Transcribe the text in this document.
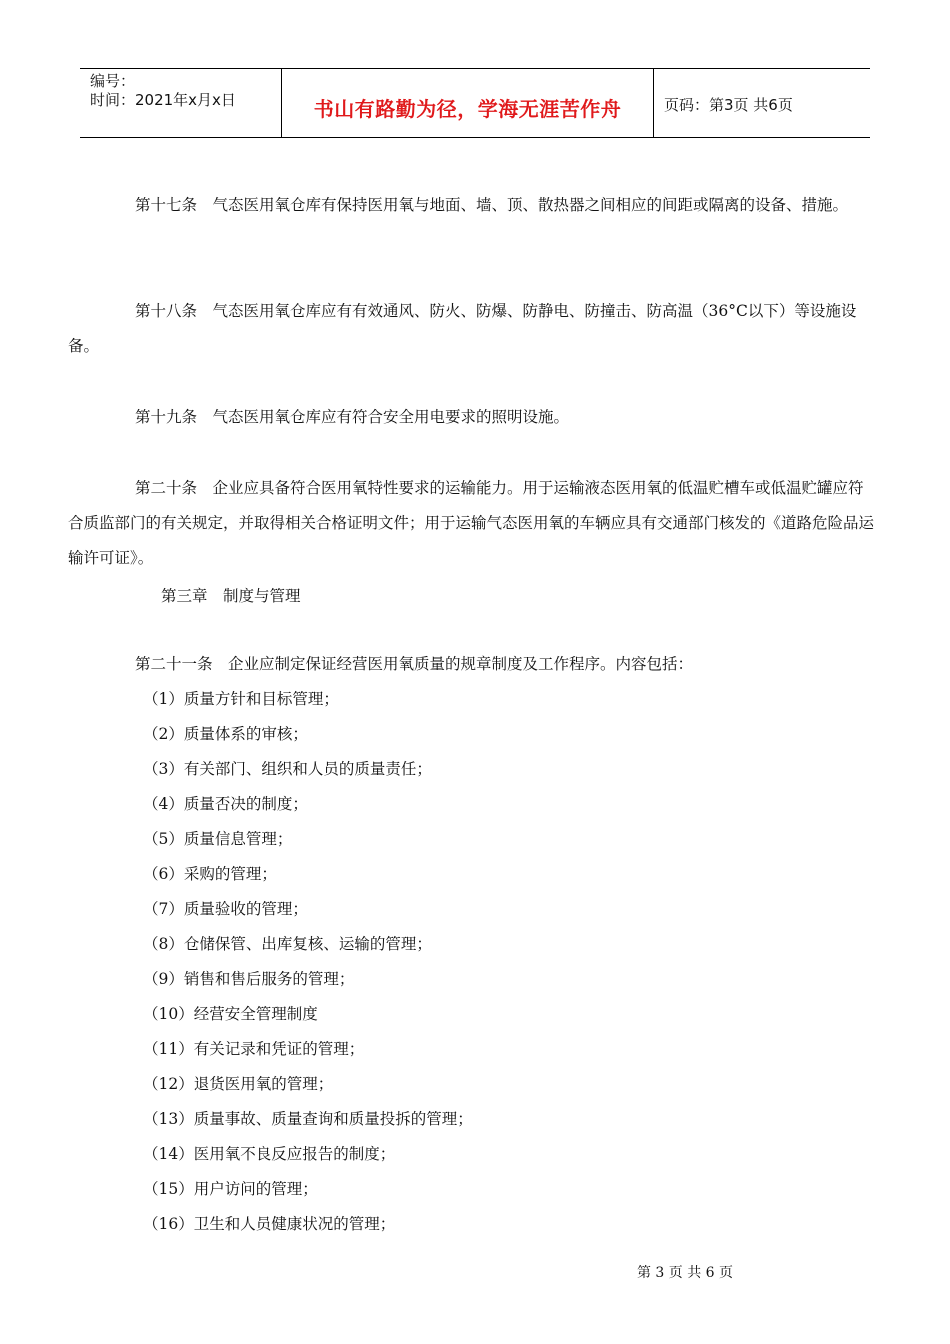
编号：
时间：2021年x月x日	书山有路勤为径，学海无涯苦作舟	页码：第3页 共6页

第十七条　气态医用氧仓库有保持医用氧与地面、墙、顶、散热器之间相应的间距或隔离的设备、措施。

第十八条　气态医用氧仓库应有有效通风、防火、防爆、防静电、防撞击、防高温（36°C以下）等设施设备。

第十九条　气态医用氧仓库应有符合安全用电要求的照明设施。

第二十条　企业应具备符合医用氧特性要求的运输能力。用于运输液态医用氧的低温贮槽车或低温贮罐应符合质监部门的有关规定，并取得相关合格证明文件；用于运输气态医用氧的车辆应具有交通部门核发的《道路危险品运输许可证》。

第三章　制度与管理

第二十一条　企业应制定保证经营医用氧质量的规章制度及工作程序。内容包括：

（1）质量方针和目标管理；
（2）质量体系的审核；
（3）有关部门、组织和人员的质量责任；
（4）质量否决的制度；
（5）质量信息管理；
（6）采购的管理；
（7）质量验收的管理；
（8）仓储保管、出库复核、运输的管理；
（9）销售和售后服务的管理；
（10）经营安全管理制度
（11）有关记录和凭证的管理；
（12）退货医用氧的管理；
（13）质量事故、质量查询和质量投拆的管理；
（14）医用氧不良反应报告的制度；
（15）用户访问的管理；
（16）卫生和人员健康状况的管理；
第 3 页 共 6 页
